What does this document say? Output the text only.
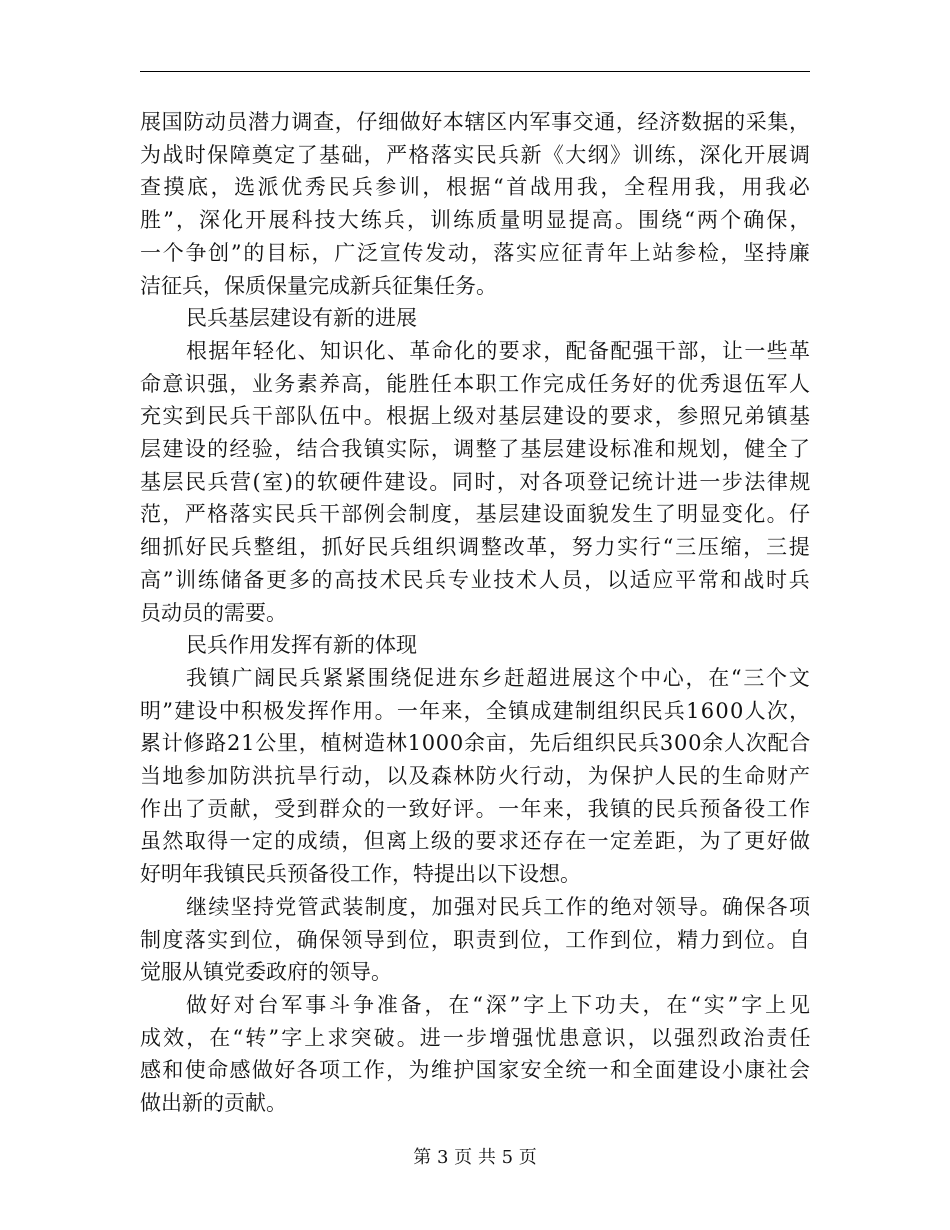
展国防动员潜力调查，仔细做好本辖区内军事交通，经济数据的采集，
为战时保障奠定了基础，严格落实民兵新《大纲》训练，深化开展调
查摸底，选派优秀民兵参训，根据“首战用我，全程用我，用我必
胜”，深化开展科技大练兵，训练质量明显提高。围绕“两个确保，
一个争创”的目标，广泛宣传发动，落实应征青年上站参检，坚持廉
洁征兵，保质保量完成新兵征集任务。
民兵基层建设有新的进展
根据年轻化、知识化、革命化的要求，配备配强干部，让一些革
命意识强，业务素养高，能胜任本职工作完成任务好的优秀退伍军人
充实到民兵干部队伍中。根据上级对基层建设的要求，参照兄弟镇基
层建设的经验，结合我镇实际，调整了基层建设标准和规划，健全了
基层民兵营(室)的软硬件建设。同时，对各项登记统计进一步法律规
范，严格落实民兵干部例会制度，基层建设面貌发生了明显变化。仔
细抓好民兵整组，抓好民兵组织调整改革，努力实行“三压缩，三提
高”训练储备更多的高技术民兵专业技术人员，以适应平常和战时兵
员动员的需要。
民兵作用发挥有新的体现
我镇广阔民兵紧紧围绕促进东乡赶超进展这个中心，在“三个文
明”建设中积极发挥作用。一年来，全镇成建制组织民兵1600人次，
累计修路21公里，植树造林1000余亩，先后组织民兵300余人次配合
当地参加防洪抗旱行动，以及森林防火行动，为保护人民的生命财产
作出了贡献，受到群众的一致好评。一年来，我镇的民兵预备役工作
虽然取得一定的成绩，但离上级的要求还存在一定差距，为了更好做
好明年我镇民兵预备役工作，特提出以下设想。
继续坚持党管武装制度，加强对民兵工作的绝对领导。确保各项
制度落实到位，确保领导到位，职责到位，工作到位，精力到位。自
觉服从镇党委政府的领导。
做好对台军事斗争准备，在“深”字上下功夫，在“实”字上见
成效，在“转”字上求突破。进一步增强忧患意识，以强烈政治责任
感和使命感做好各项工作，为维护国家安全统一和全面建设小康社会
做出新的贡献。
第 3 页 共 5 页
